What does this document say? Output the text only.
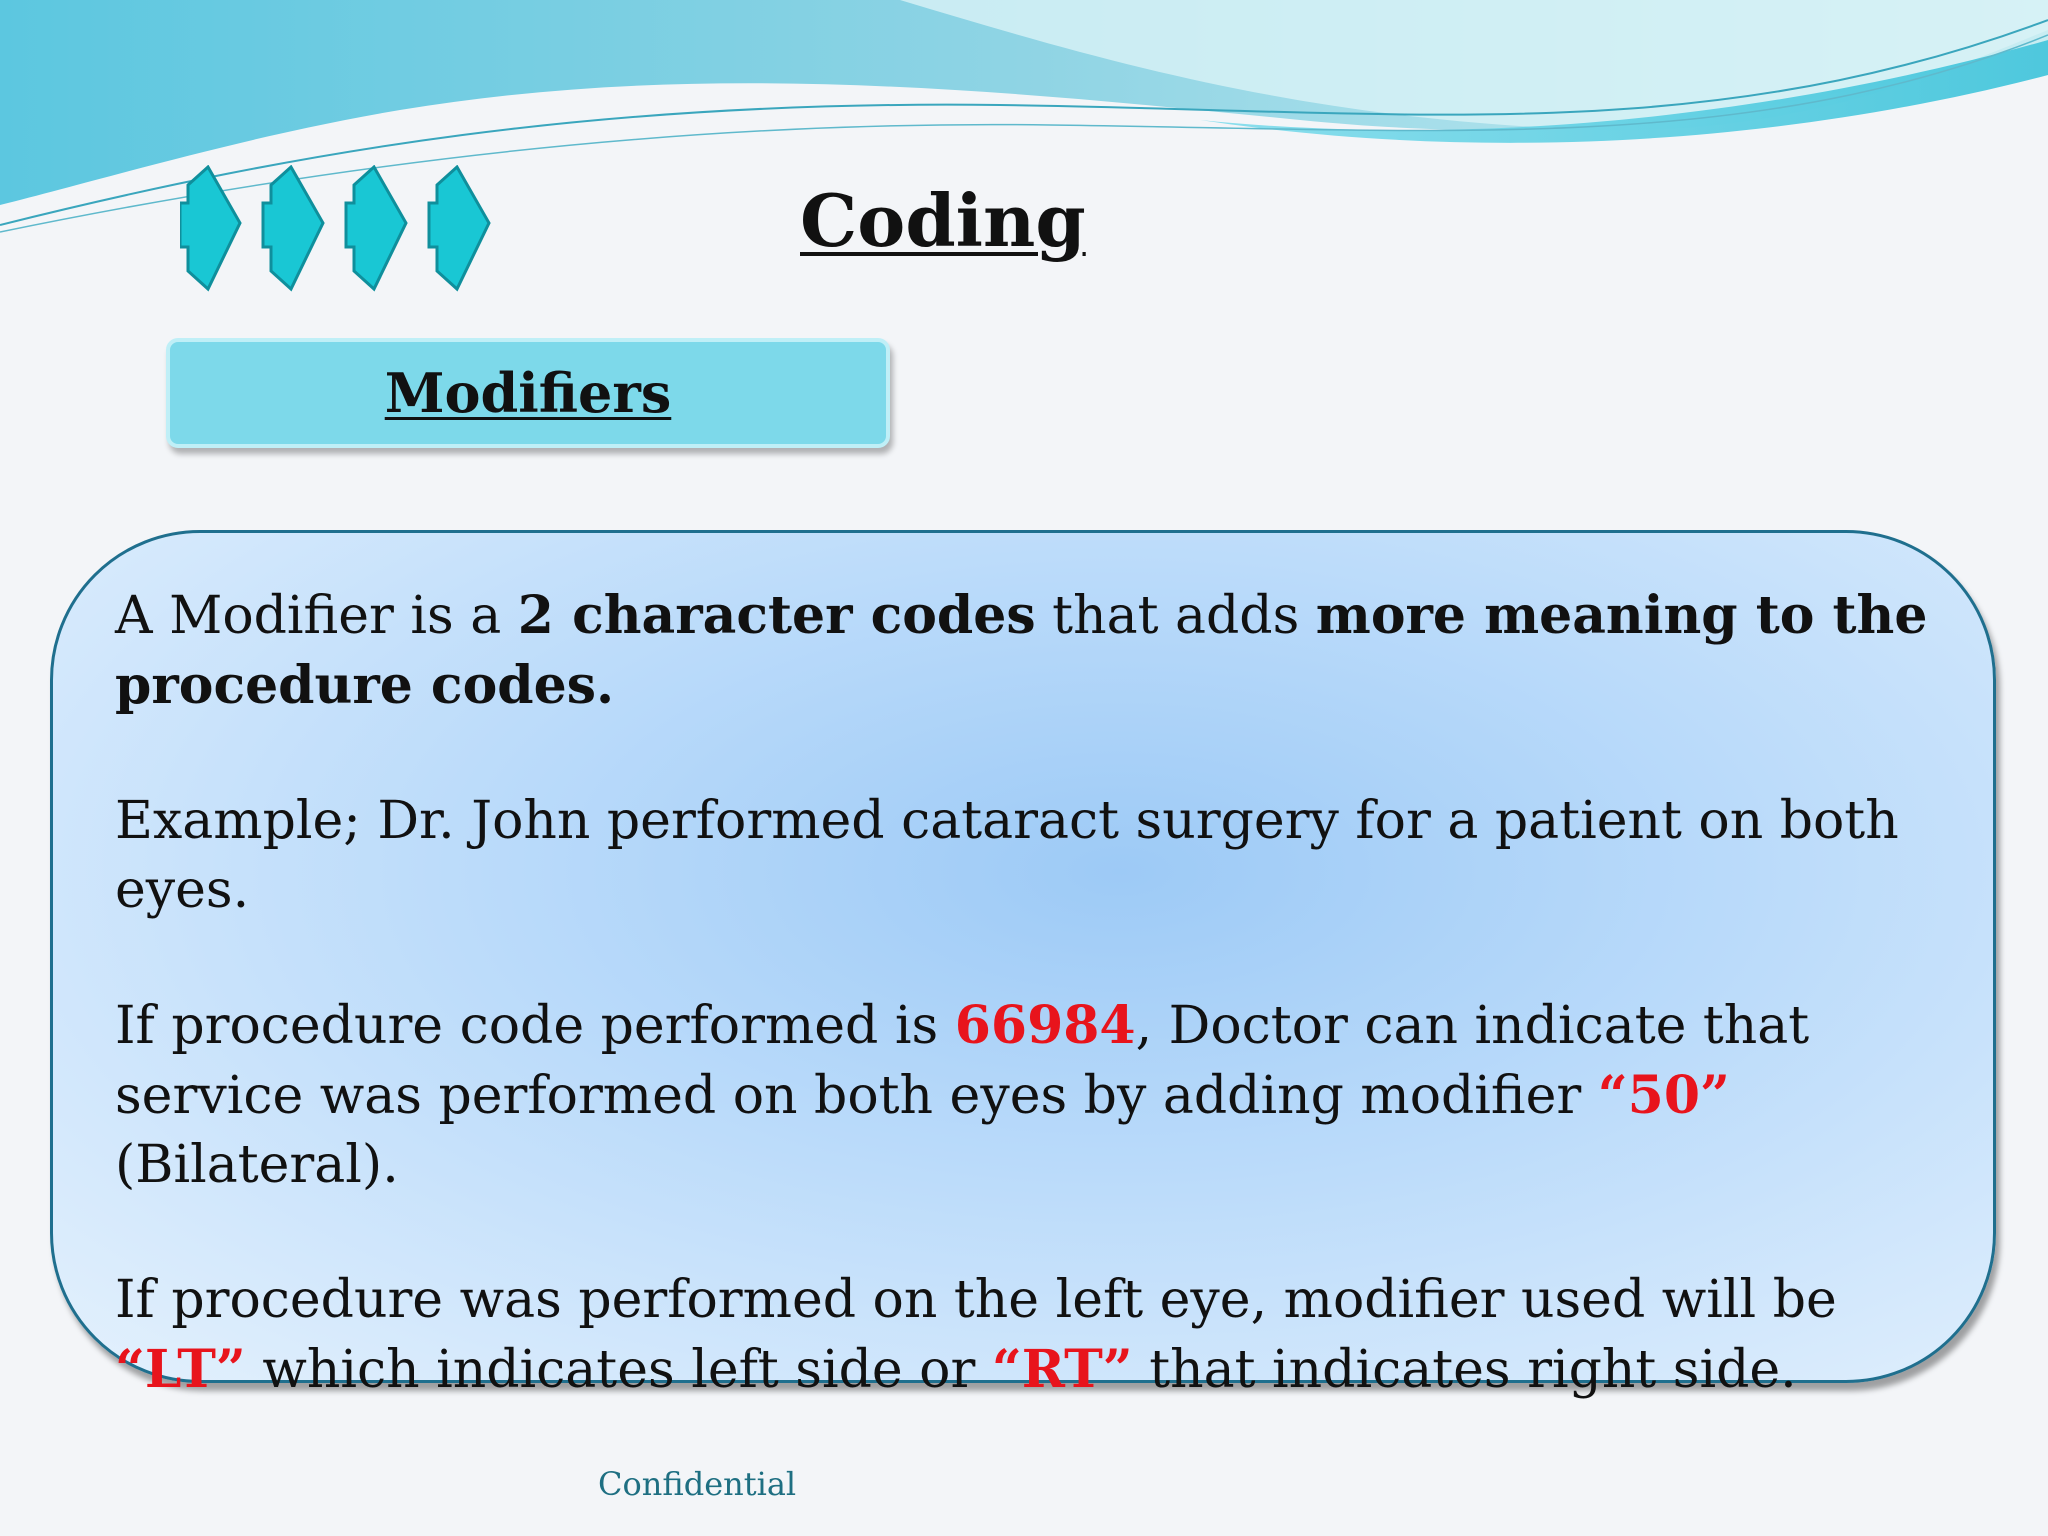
Coding
Modifiers

A Modifier is a 2 character codes that adds more meaning to the procedure codes.

Example; Dr. John performed cataract surgery for a patient on both eyes.

If procedure code performed is 66984, Doctor can indicate that service was performed on both eyes by adding modifier “50” (Bilateral).

If procedure was performed on the left eye, modifier used will be “LT” which indicates left side or “RT” that indicates right side.

Confidential
